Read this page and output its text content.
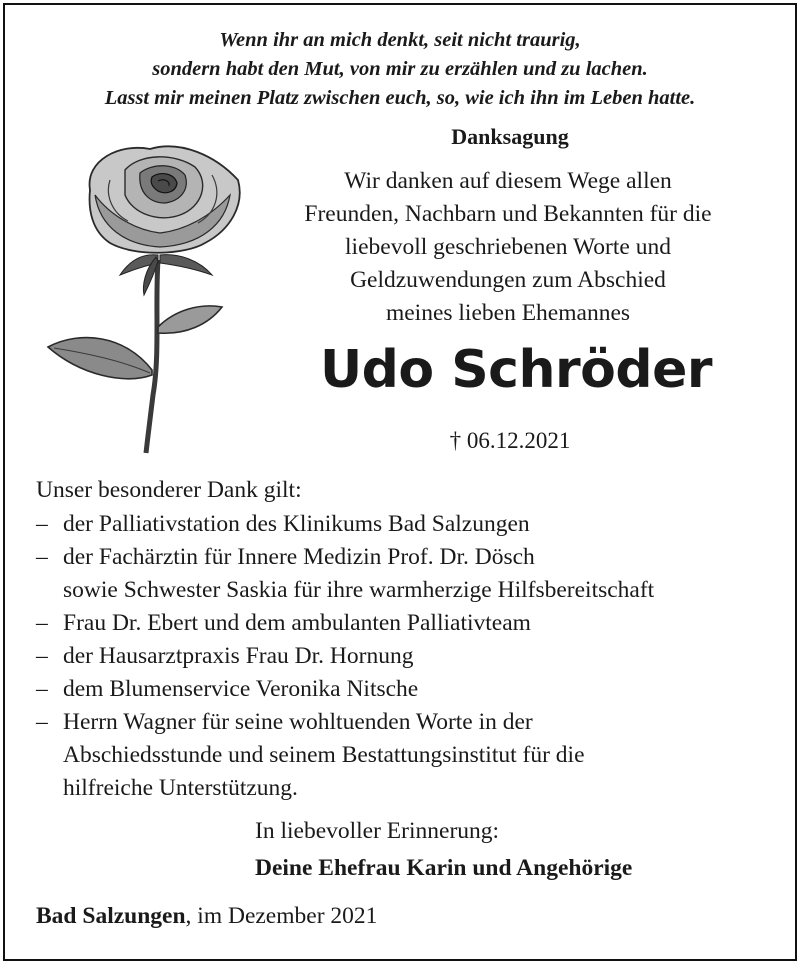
Wenn ihr an mich denkt, seit nicht traurig,
sondern habt den Mut, von mir zu erzählen und zu lachen.
Lasst mir meinen Platz zwischen euch, so, wie ich ihn im Leben hatte.
Danksagung
Wir danken auf diesem Wege allen
Freunden, Nachbarn und Bekannten für die
liebevoll geschriebenen Worte und
Geldzuwendungen zum Abschied
meines lieben Ehemannes
Udo Schröder
† 06.12.2021
Unser besonderer Dank gilt:
– der Palliativstation des Klinikums Bad Salzungen
– der Fachärztin für Innere Medizin Prof. Dr. Dösch
sowie Schwester Saskia für ihre warmherzige Hilfsbereitschaft
– Frau Dr. Ebert und dem ambulanten Palliativteam
– der Hausarztpraxis Frau Dr. Hornung
– dem Blumenservice Veronika Nitsche
– Herrn Wagner für seine wohltuenden Worte in der
Abschiedsstunde und seinem Bestattungsinstitut für die
hilfreiche Unterstützung.
In liebevoller Erinnerung:
Deine Ehefrau Karin und Angehörige
Bad Salzungen, im Dezember 2021
